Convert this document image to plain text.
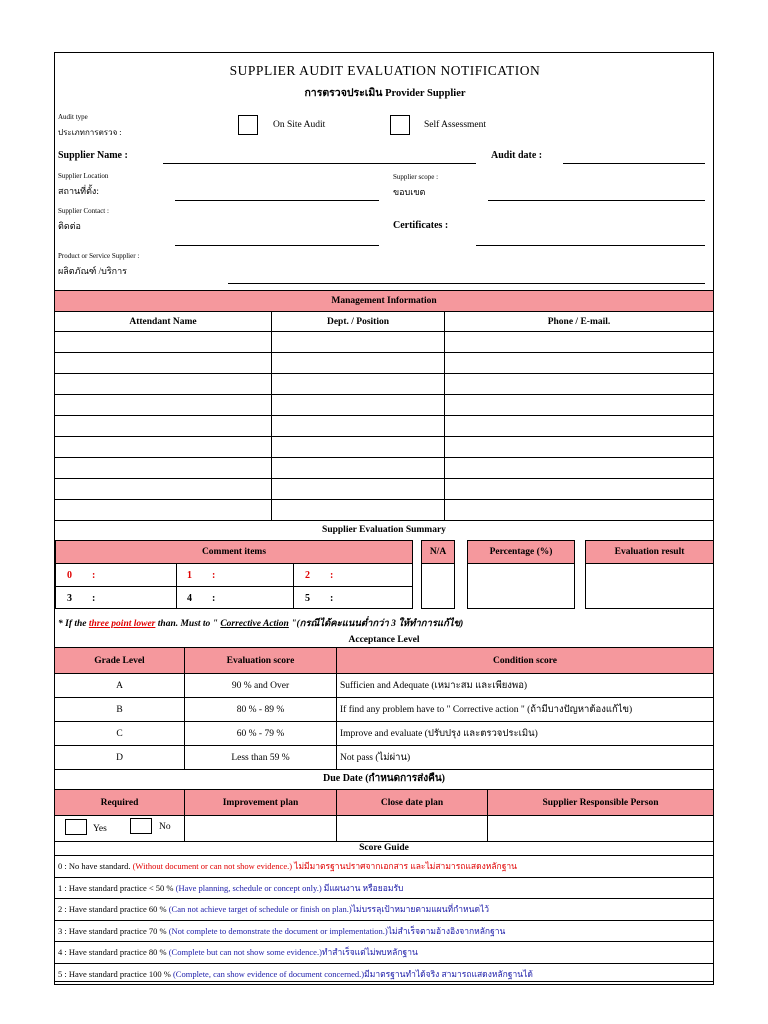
SUPPLIER AUDIT EVALUATION NOTIFICATION
การตรวจประเมิน Provider Supplier
Audit type
ประเภทการตรวจ :
On Site Audit	Self Assessment
Supplier Name :	Audit date :
Supplier Location
สถานที่ตั้ง:
Supplier scope :
ขอบเขต
Supplier Contact :
ติดต่อ	Certificates :
Product or Service Supplier :
ผลิตภัณฑ์ /บริการ
Management Information
Attendant Name	Dept. / Position	Phone / E-mail.

Supplier Evaluation Summary
Comment items
0 :	1 :	2 :
3 :	4 :	5 :
N/A	Percentage (%)	Evaluation result
* If the three point lower than. Must to " Corrective Action "(กรณีได้คะแนนต่ำกว่า 3 ให้ทำการแก้ไข)
Acceptance Level
Grade Level	Evaluation score	Condition score
A	90 % and Over	Sufficien and Adequate (เหมาะสม และเพียงพอ)
B	80 % - 89 %	If find any problem have to " Corrective action " (ถ้ามีบางปัญหาต้องแก้ไข)
C	60 % - 79 %	Improve and evaluate (ปรับปรุง และตรวจประเมิน)
D	Less than 59 %	Not pass (ไม่ผ่าน)
Due Date (กำหนดการส่งคืน)
Required	Improvement plan	Close date plan	Supplier Responsible Person

Yes No			

Score Guide
0 : No have standard. (Without document or can not show evidence.) ไม่มีมาตรฐานปราศจากเอกสาร และไม่สามารถแสดงหลักฐาน
1 : Have standard practice < 50 % (Have planning, schedule or concept only.) มีแผนงาน หรือยอมรับ
2 : Have standard practice 60 % (Can not achieve target of schedule or finish on plan.)ไม่บรรลุเป้าหมายตามแผนที่กำหนดไว้
3 : Have standard practice 70 % (Not complete to demonstrate the document or implementation.)ไม่สำเร็จตามอ้างอิงจากหลักฐาน
4 : Have standard practice 80 % (Complete but can not show some evidence.)ทำสำเร็จแต่ไม่พบหลักฐาน
5 : Have standard practice 100 % (Complete, can show evidence of document concerned.)มีมาตรฐานทำได้จริง สามารถแสดงหลักฐานได้
